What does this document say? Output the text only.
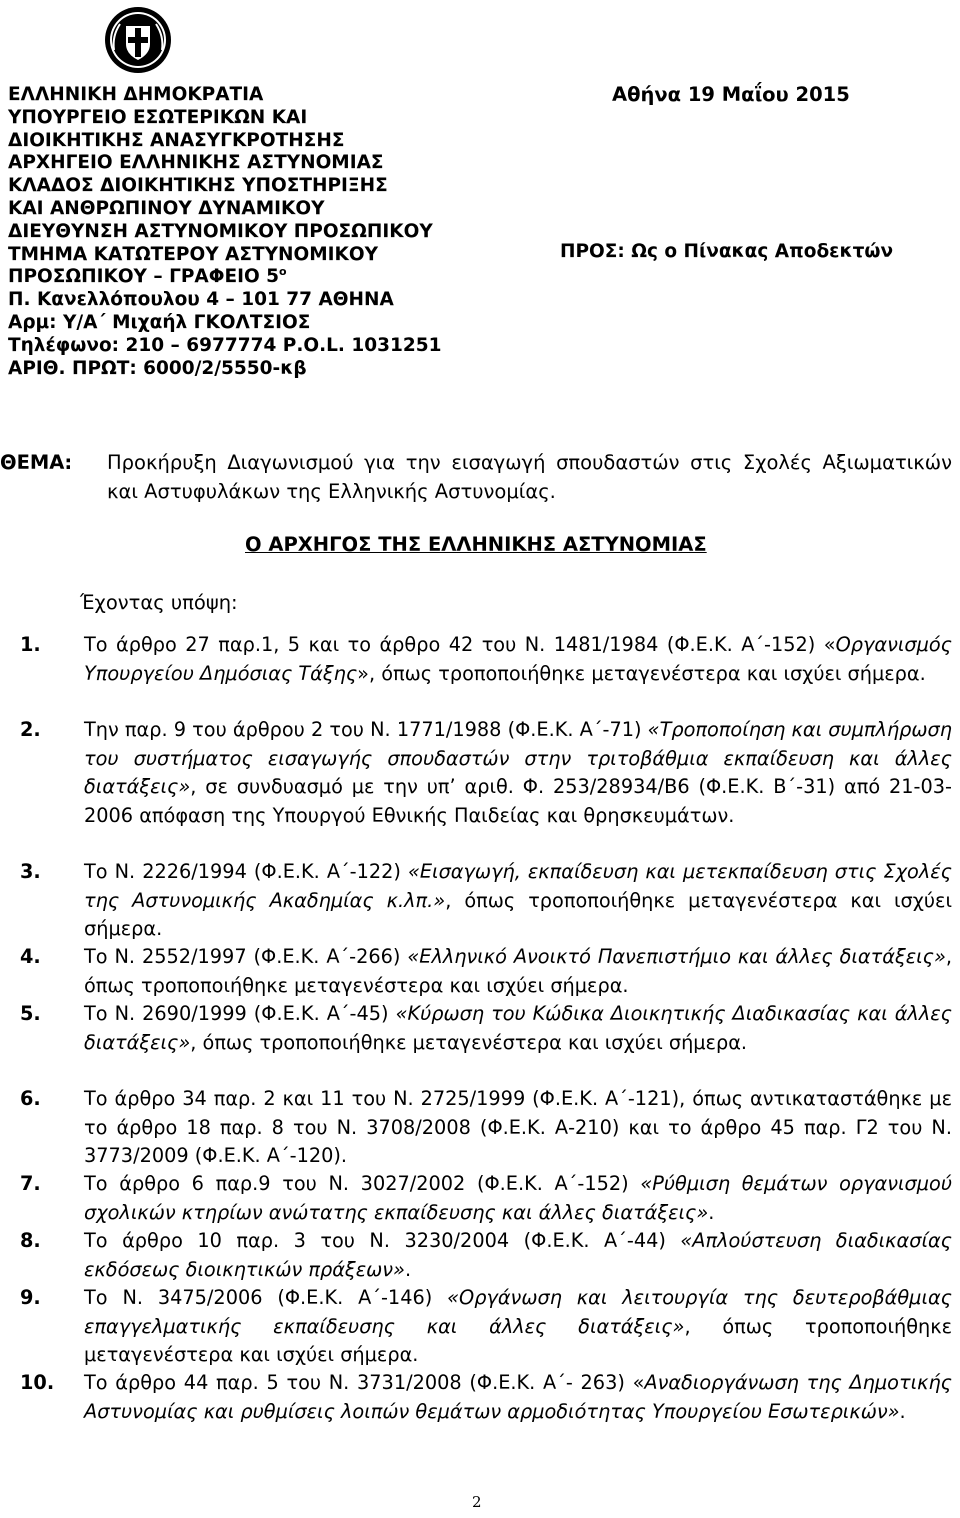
ΕΛΛΗΝΙΚΗ ΔΗΜΟΚΡΑΤΙΑ
ΥΠΟΥΡΓΕΙΟ ΕΣΩΤΕΡΙΚΩΝ ΚΑΙ
ΔΙΟΙΚΗΤΙΚΗΣ ΑΝΑΣΥΓΚΡΟΤΗΣΗΣ
ΑΡΧΗΓΕΙΟ ΕΛΛΗΝΙΚΗΣ ΑΣΤΥΝΟΜΙΑΣ
ΚΛΑΔΟΣ ΔΙΟΙΚΗΤΙΚΗΣ ΥΠΟΣΤΗΡΙΞΗΣ
ΚΑΙ ΑΝΘΡΩΠΙΝΟΥ ΔΥΝΑΜΙΚΟΥ
ΔΙΕΥΘΥΝΣΗ ΑΣΤΥΝΟΜΙΚΟΥ ΠΡΟΣΩΠΙΚΟΥ
ΤΜΗΜΑ ΚΑΤΩΤΕΡΟΥ ΑΣΤΥΝΟΜΙΚΟΥ
ΠΡΟΣΩΠΙΚΟΥ – ΓΡΑΦΕΙΟ $5^o$
Π. Κανελλόπουλου 4 – 101 77 ΑΘΗΝΑ
Αρμ: Υ/Α΄ Μιχαήλ ΓΚΟΛΤΣΙΟΣ
Τηλέφωνο: 210 – 6977774 Ρ.Ο.L. 1031251
ΑΡΙΘ. ΠΡΩΤ: 6000/2/5550-κβ
Αθήνα 19 Μαΐου 2015
ΠΡΟΣ: Ως ο Πίνακας Αποδεκτών
ΘΕΜΑ: Προκήρυξη Διαγωνισμού για την εισαγωγή σπουδαστών στις Σχολές Αξιωματικών και Αστυφυλάκων της Ελληνικής Αστυνομίας.
Ο ΑΡΧΗΓΟΣ ΤΗΣ ΕΛΛΗΝΙΚΗΣ ΑΣΤΥΝΟΜΙΑΣ
Έχοντας υπόψη:
1. Το άρθρο 27 παρ.1, 5 και το άρθρο 42 του Ν. 1481/1984 (Φ.Ε.Κ. Α΄-152) «Οργανισμός Υπουργείου Δημόσιας Τάξης», όπως τροποποιήθηκε μεταγενέστερα και ισχύει σήμερα.
2. Την παρ. 9 του άρθρου 2 του Ν. 1771/1988 (Φ.Ε.Κ. Α΄-71) «Τροποποίηση και συμπλήρωση του συστήματος εισαγωγής σπουδαστών στην τριτοβάθμια εκπαίδευση και άλλες διατάξεις», σε συνδυασμό με την υπ’ αριθ. Φ. 253/28934/Β6 (Φ.Ε.Κ. Β΄-31) από 21-03-2006 απόφαση της Υπουργού Εθνικής Παιδείας και θρησκευμάτων.
3. Το Ν. 2226/1994 (Φ.Ε.Κ. Α΄-122) «Εισαγωγή, εκπαίδευση και μετεκπαίδευση στις Σχολές της Αστυνομικής Ακαδημίας κ.λπ.», όπως τροποποιήθηκε μεταγενέστερα και ισχύει σήμερα.
4. Το Ν. 2552/1997 (Φ.Ε.Κ. Α΄-266) «Ελληνικό Ανοικτό Πανεπιστήμιο και άλλες διατάξεις», όπως τροποποιήθηκε μεταγενέστερα και ισχύει σήμερα.
5. Το Ν. 2690/1999 (Φ.Ε.Κ. Α΄-45) «Κύρωση του Κώδικα Διοικητικής Διαδικασίας και άλλες διατάξεις», όπως τροποποιήθηκε μεταγενέστερα και ισχύει σήμερα.
6. Το άρθρο 34 παρ. 2 και 11 του Ν. 2725/1999 (Φ.Ε.Κ. Α΄-121), όπως αντικαταστάθηκε με το άρθρο 18 παρ. 8 του Ν. 3708/2008 (Φ.Ε.Κ. Α-210) και το άρθρο 45 παρ. Γ2 του Ν. 3773/2009 (Φ.Ε.Κ. Α΄-120).
7. Το άρθρο 6 παρ.9 του Ν. 3027/2002 (Φ.Ε.Κ. Α΄-152) «Ρύθμιση θεμάτων οργανισμού σχολικών κτηρίων ανώτατης εκπαίδευσης και άλλες διατάξεις».
8. Το άρθρο 10 παρ. 3 του Ν. 3230/2004 (Φ.Ε.Κ. Α΄-44) «Απλούστευση διαδικασίας εκδόσεως διοικητικών πράξεων».
9. Το Ν. 3475/2006 (Φ.Ε.Κ. Α΄-146) «Οργάνωση και λειτουργία της δευτεροβάθμιας επαγγελματικής εκπαίδευσης και άλλες διατάξεις», όπως τροποποιήθηκε μεταγενέστερα και ισχύει σήμερα.
10. Το άρθρο 44 παρ. 5 του Ν. 3731/2008 (Φ.Ε.Κ. Α΄- 263) «Αναδιοργάνωση της Δημοτικής Αστυνομίας και ρυθμίσεις λοιπών θεμάτων αρμοδιότητας Υπουργείου Εσωτερικών».
2
